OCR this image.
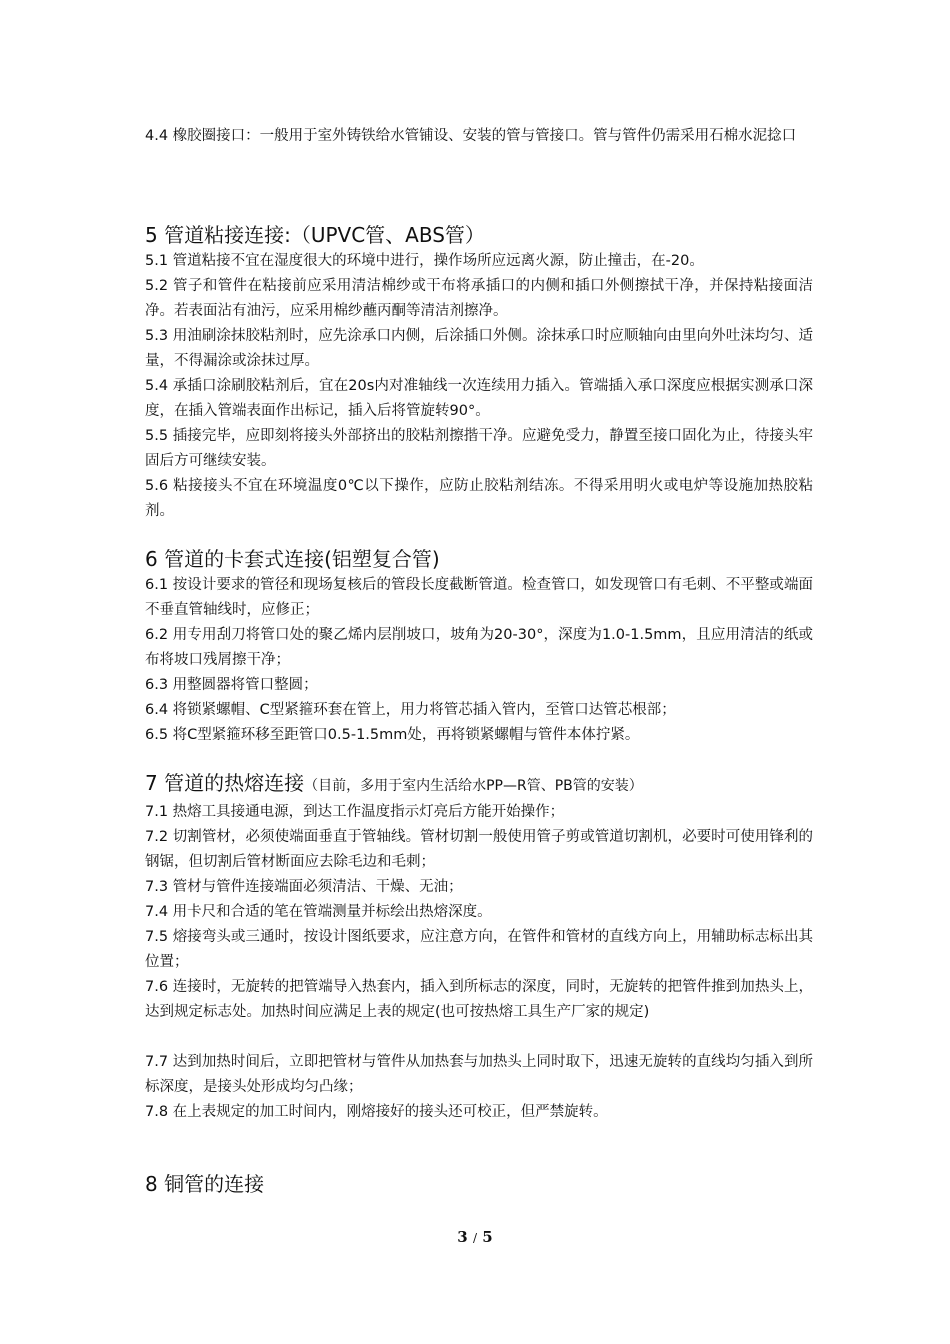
4.4 橡胶圈接口：一般用于室外铸铁给水管铺设、安装的管与管接口。管与管件仍需采用石棉水泥捻口

5 管道粘接连接:（UPVC管、ABS管）

5.1 管道粘接不宜在湿度很大的环境中进行，操作场所应远离火源，防止撞击，在-20。

5.2 管子和管件在粘接前应采用清洁棉纱或干布将承插口的内侧和插口外侧擦拭干净，并保持粘接面洁净。若表面沾有油污，应采用棉纱蘸丙酮等清洁剂擦净。

5.3 用油刷涂抹胶粘剂时，应先涂承口内侧，后涂插口外侧。涂抹承口时应顺轴向由里向外吐沫均匀、适量，不得漏涂或涂抹过厚。

5.4 承插口涂刷胶粘剂后，宜在20s内对准轴线一次连续用力插入。管端插入承口深度应根据实测承口深度，在插入管端表面作出标记，插入后将管旋转90°。

5.5 插接完毕，应即刻将接头外部挤出的胶粘剂擦揩干净。应避免受力，静置至接口固化为止，待接头牢固后方可继续安装。

5.6 粘接接头不宜在环境温度0℃以下操作，应防止胶粘剂结冻。不得采用明火或电炉等设施加热胶粘剂。

6 管道的卡套式连接(铝塑复合管)

6.1 按设计要求的管径和现场复核后的管段长度截断管道。检查管口，如发现管口有毛刺、不平整或端面不垂直管轴线时，应修正；

6.2 用专用刮刀将管口处的聚乙烯内层削坡口，坡角为20-30°，深度为1.0-1.5mm，且应用清洁的纸或布将坡口残屑擦干净；

6.3 用整圆器将管口整圆；

6.4 将锁紧螺帽、C型紧箍环套在管上，用力将管芯插入管内，至管口达管芯根部；

6.5 将C型紧箍环移至距管口0.5-1.5mm处，再将锁紧螺帽与管件本体拧紧。

7 管道的热熔连接（目前，多用于室内生活给水PP—R管、PB管的安装）

7.1 热熔工具接通电源，到达工作温度指示灯亮后方能开始操作；

7.2 切割管材，必须使端面垂直于管轴线。管材切割一般使用管子剪或管道切割机，必要时可使用锋利的钢锯，但切割后管材断面应去除毛边和毛刺；

7.3 管材与管件连接端面必须清洁、干燥、无油；

7.4 用卡尺和合适的笔在管端测量并标绘出热熔深度。

7.5 熔接弯头或三通时，按设计图纸要求，应注意方向，在管件和管材的直线方向上，用辅助标志标出其位置；

7.6 连接时，无旋转的把管端导入热套内，插入到所标志的深度，同时，无旋转的把管件推到加热头上，达到规定标志处。加热时间应满足上表的规定(也可按热熔工具生产厂家的规定)

7.7 达到加热时间后，立即把管材与管件从加热套与加热头上同时取下，迅速无旋转的直线均匀插入到所标深度，是接头处形成均匀凸缘；

7.8 在上表规定的加工时间内，刚熔接好的接头还可校正，但严禁旋转。

8 铜管的连接
3 / 5
